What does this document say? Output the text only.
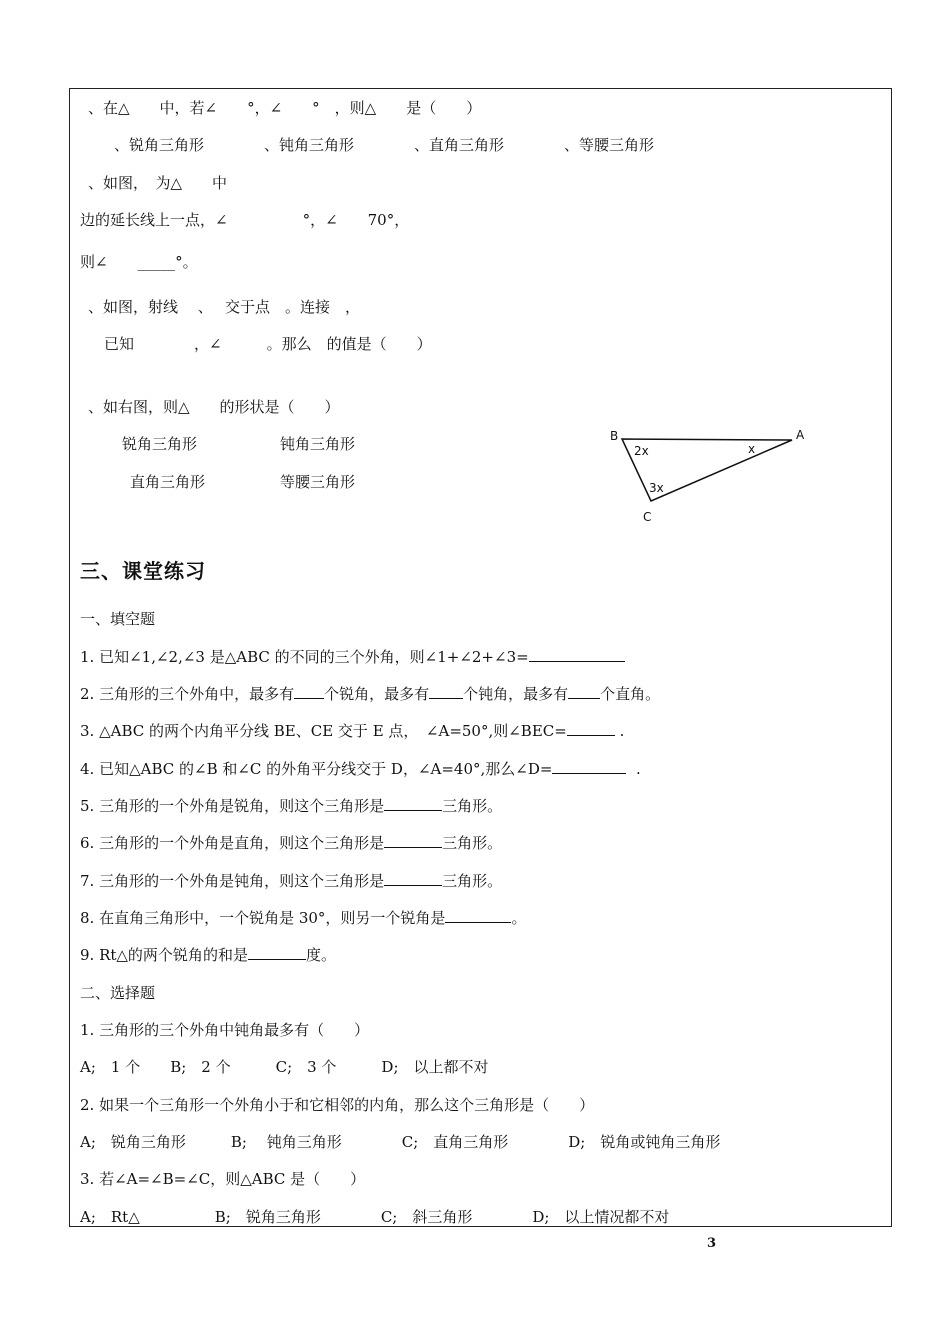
、在△　　中，若∠　　°，∠　　°　，则△　　是（　　）
、锐角三角形　　　　、钝角三角形　　　　、直角三角形　　　　、等腰三角形
、如图，　为△　　中
边的延长线上一点，∠　　　　　°，∠　　70°，
则∠　　_____°。
、如图，射线　 、　 交于点　。连接　，
已知　　　　，∠　　　。那么　的值是（　　）
、如右图，则△　　的形状是（　　）
锐角三角形	钝角三角形
直角三角形	等腰三角形
B	A
C
2x	x
3x
三、课堂练习
一、填空题
1. 已知∠1,∠2,∠3 是△ABC 的不同的三个外角，则∠1+∠2+∠3=
2. 三角形的三个外角中，最多有 个锐角，最多有 个钝角，最多有 个直角。
3. △ABC 的两个内角平分线 BE、CE 交于 E 点，　∠A=50°,则∠BEC=	.
4. 已知△ABC 的∠B 和∠C 的外角平分线交于 D，∠A=40°,那么∠D=	.
5. 三角形的一个外角是锐角，则这个三角形是	三角形。
6. 三角形的一个外角是直角，则这个三角形是	三角形。
7. 三角形的一个外角是钝角，则这个三角形是	三角形。
8. 在直角三角形中，一个锐角是 30°，则另一个锐角是	。
9. Rt△的两个锐角的和是	度。
二、选择题
1. 三角形的三个外角中钝角最多有（　　）
A;　1 个　　B;　2 个　　　C;　3 个　　　D;　以上都不对
2. 如果一个三角形一个外角小于和它相邻的内角，那么这个三角形是（　　）
A;　锐角三角形　　　B;　 钝角三角形　　　　C;　直角三角形　　　　D;　锐角或钝角三角形
3. 若∠A=∠B=∠C，则△ABC 是（　　）
A;　Rt△　　　　　B;　锐角三角形　　　　C;　斜三角形　　　　D;　以上情况都不对
3
